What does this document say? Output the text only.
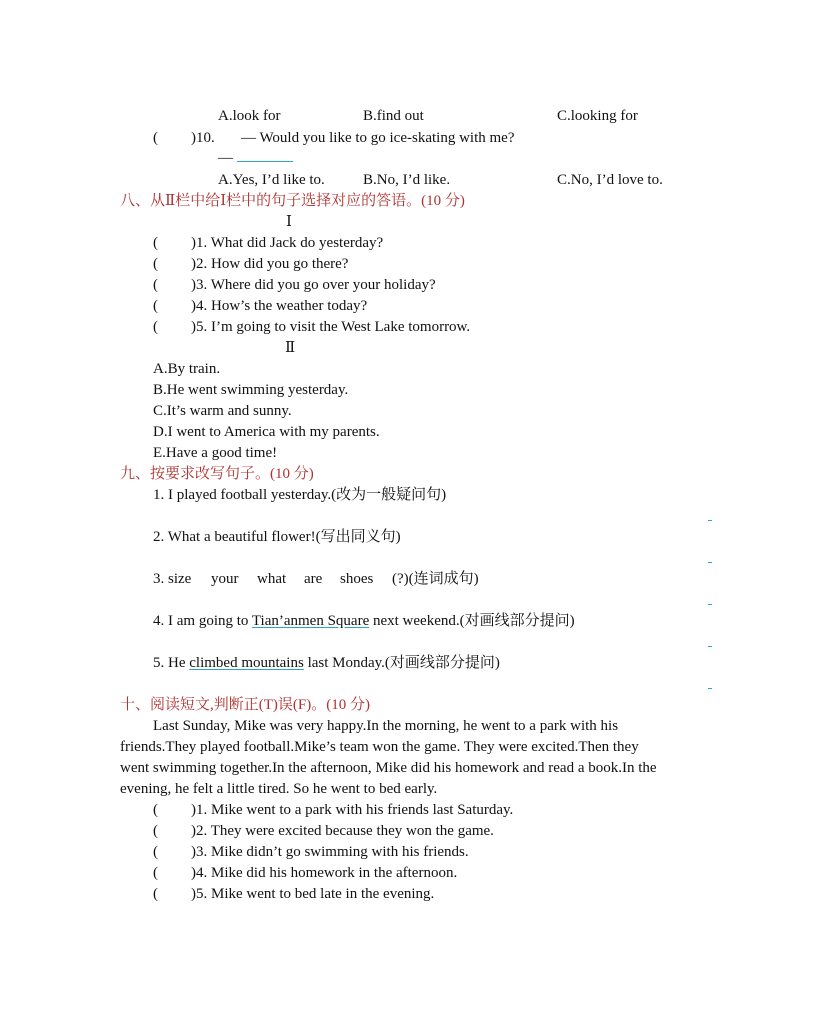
A.look for	B.find out	C.looking for
( )10. — Would you like to go ice-skating with me?
—
A.Yes, I’d like to.	B.No, I’d like.	C.No, I’d love to.
八、从Ⅱ栏中给Ⅰ栏中的句子选择对应的答语。(10 分)
Ⅰ
( )1. What did Jack do yesterday?
( )2. How did you go there?
( )3. Where did you go over your holiday?
( )4. How’s the weather today?
( )5. I’m going to visit the West Lake tomorrow.
Ⅱ
A.By train.
B.He went swimming yesterday.
C.It’s warm and sunny.
D.I went to America with my parents.
E.Have a good time!
九、按要求改写句子。(10 分)
1. I played football yesterday.(改为一般疑问句)
2. What a beautiful flower!(写出同义句)
3. size your what are shoes (?)(连词成句)
4. I am going to Tian’anmen Square next weekend.(对画线部分提问)
5. He climbed mountains last Monday.(对画线部分提问)
十、阅读短文,判断正(T)误(F)。(10 分)
Last Sunday, Mike was very happy.In the morning, he went to a park with his
friends.They played football.Mike’s team won the game. They were excited.Then they
went swimming together.In the afternoon, Mike did his homework and read a book.In the
evening, he felt a little tired. So he went to bed early.
( )1. Mike went to a park with his friends last Saturday.
( )2. They were excited because they won the game.
( )3. Mike didn’t go swimming with his friends.
( )4. Mike did his homework in the afternoon.
( )5. Mike went to bed late in the evening.
